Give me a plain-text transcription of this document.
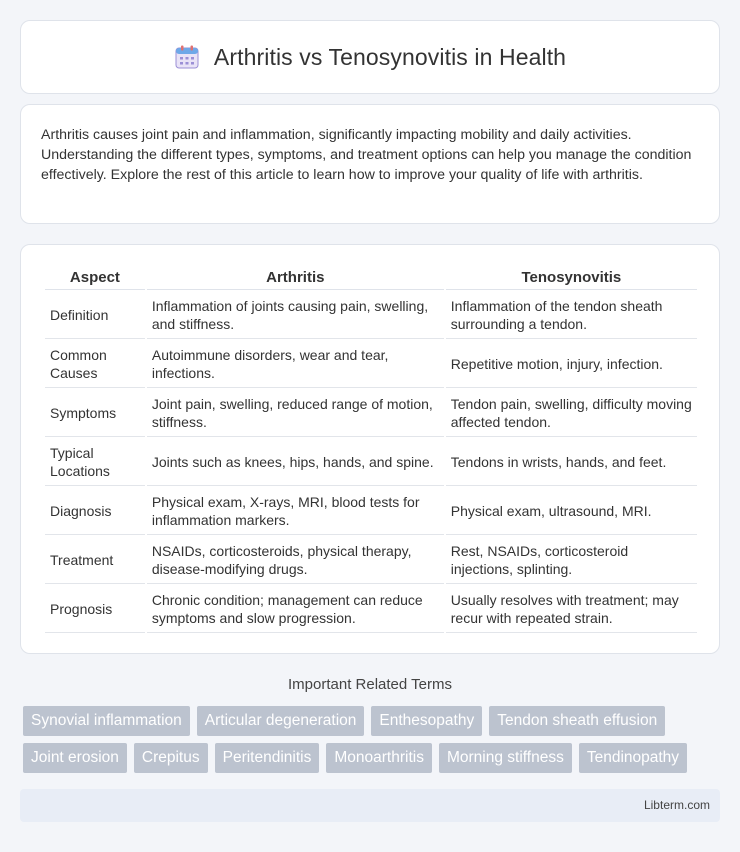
Arthritis vs Tenosynovitis in Health

Arthritis causes joint pain and inflammation, significantly impacting mobility and daily activities. Understanding the different types, symptoms, and treatment options can help you manage the condition effectively. Explore the rest of this article to learn how to improve your quality of life with arthritis.

Aspect	Arthritis	Tenosynovitis
Definition	Inflammation of joints causing pain, swelling, and stiffness.	Inflammation of the tendon sheath surrounding a tendon.
Common Causes	Autoimmune disorders, wear and tear, infections.	Repetitive motion, injury, infection.
Symptoms	Joint pain, swelling, reduced range of motion, stiffness.	Tendon pain, swelling, difficulty moving affected tendon.
Typical Locations	Joints such as knees, hips, hands, and spine.	Tendons in wrists, hands, and feet.
Diagnosis	Physical exam, X-rays, MRI, blood tests for inflammation markers.	Physical exam, ultrasound, MRI.
Treatment	NSAIDs, corticosteroids, physical therapy, disease-modifying drugs.	Rest, NSAIDs, corticosteroid injections, splinting.
Prognosis	Chronic condition; management can reduce symptoms and slow progression.	Usually resolves with treatment; may recur with repeated strain.
Important Related Terms
Synovial inflammation	Articular degeneration	Enthesopathy	Tendon sheath effusion
Joint erosion	Crepitus	Peritendinitis	Monoarthritis	Morning stiffness	Tendinopathy
Libterm.com
